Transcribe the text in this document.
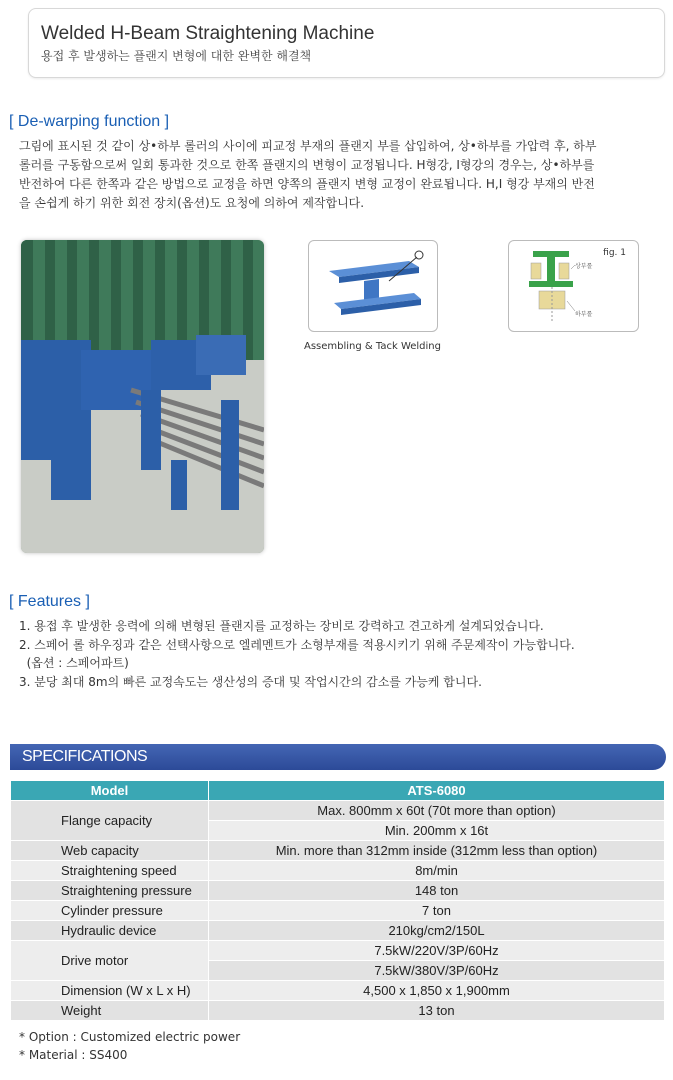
Welded H-Beam Straightening Machine
용접 후 발생하는 플랜지 변형에 대한 완벽한 해결책
[ De-warping function ]
그림에 표시된 것 같이 상•하부 롤러의 사이에 피교정 부재의 플랜지 부를 삽입하여, 상•하부를 가압력 후, 하부
롤러를 구동함으로써 일회 통과한 것으로 한쪽 플랜지의 변형이 교정됩니다. H형강, I형강의 경우는, 상•하부를
반전하여 다른 한쪽과 같은 방법으로 교정을 하면 양쪽의 플랜지 변형 교정이 완료됩니다. H,I 형강 부재의 반전
을 손쉽게 하기 위한 회전 장치(옵션)도 요청에 의하여 제작합니다.
Assembling & Tack Welding
fig. 1
상부롤
하부롤
[ Features ]
1. 용접 후 발생한 응력에 의해 변형된 플랜지를 교정하는 장비로 강력하고 견고하게 설계되었습니다.
2. 스페어 롤 하우징과 같은 선택사항으로 엘레멘트가 소형부재를 적용시키기 위해 주문제작이 가능합니다.
(옵션 : 스페어파트)
3. 분당 최대 8m의 빠른 교정속도는 생산성의 증대 및 작업시간의 감소를 가능케 합니다.
SPECIFICATIONS
Model	ATS-6080
Flange capacity	Max. 800mm x 60t (70t more than option)
	Min. 200mm x 16t
Web capacity	Min. more than 312mm inside (312mm less than option)
Straightening speed	8m/min
Straightening pressure	148 ton
Cylinder pressure	7 ton
Hydraulic device	210kg/cm2/150L
Drive motor	7.5kW/220V/3P/60Hz
	7.5kW/380V/3P/60Hz
Dimension (W x L x H)	4,500 x 1,850 x 1,900mm
Weight	13 ton
* Option : Customized electric power
* Material : SS400
